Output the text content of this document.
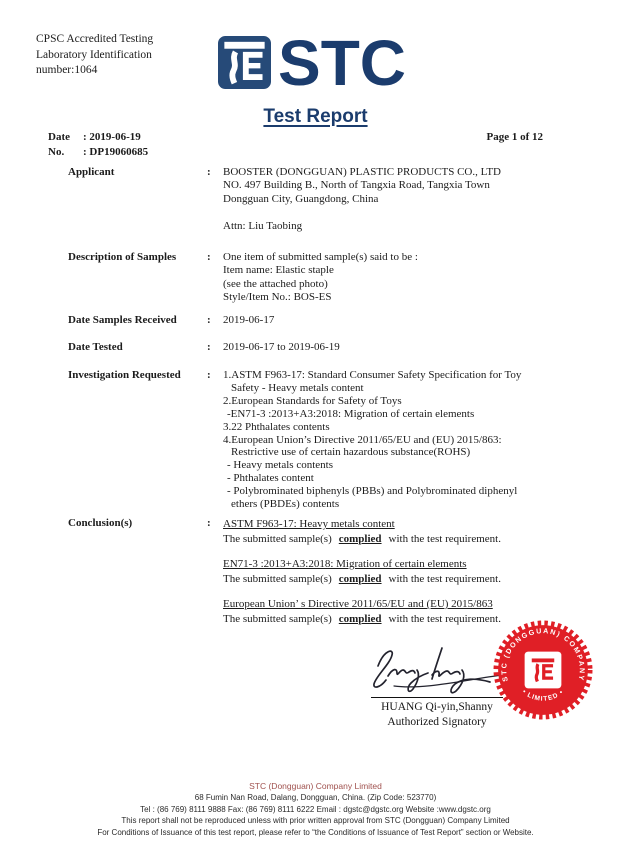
CPSC Accredited Testing
Laboratory Identification
number:1064	STC
Test Report
Date : 2019-06-19
No. : DP19060685
Page 1 of 12
Applicant	:	BOOSTER (DONGGUAN) PLASTIC PRODUCTS CO., LTD
NO. 497 Building B., North of Tangxia Road, Tangxia Town
Dongguan City, Guangdong, China
Attn: Liu Taobing
Description of Samples	:	One item of submitted sample(s) said to be :
Item name: Elastic staple
(see the attached photo)
Style/Item No.: BOS-ES
Date Samples Received	:	2019-06-17
Date Tested	:	2019-06-17 to 2019-06-19
Investigation Requested	:	1.ASTM F963-17: Standard Consumer Safety Specification for Toy
Safety - Heavy metals content
2.European Standards for Safety of Toys
-EN71-3 :2013+A3:2018: Migration of certain elements
3.22 Phthalates contents
4.European Union’s Directive 2011/65/EU and (EU) 2015/863:
Restrictive use of certain hazardous substance(ROHS)
- Heavy metals contents
- Phthalates content
- Polybrominated biphenyls (PBBs) and Polybrominated diphenyl
ethers (PBDEs) contents
Conclusion(s)	:	ASTM F963-17: Heavy metals content
The submitted sample(s) complied with the test requirement.
EN71-3 :2013+A3:2018: Migration of certain elements
The submitted sample(s) complied with the test requirement.
European Union’ s Directive 2011/65/EU and (EU) 2015/863
The submitted sample(s) complied with the test requirement.
HUANG Qi-yin,Shanny
Authorized Signatory
STC (DONGGUAN) COMPANY
• LIMITED •
STC (Dongguan) Company Limited
68 Fumin Nan Road, Dalang, Dongguan, China. (Zip Code: 523770)
Tel : (86 769) 8111 9888 Fax: (86 769) 8111 6222 Email : dgstc@dgstc.org Website :www.dgstc.org
This report shall not be reproduced unless with prior written approval from STC (Dongguan) Company Limited
For Conditions of Issuance of this test report, please refer to “the Conditions of Issuance of Test Report” section or Website.
